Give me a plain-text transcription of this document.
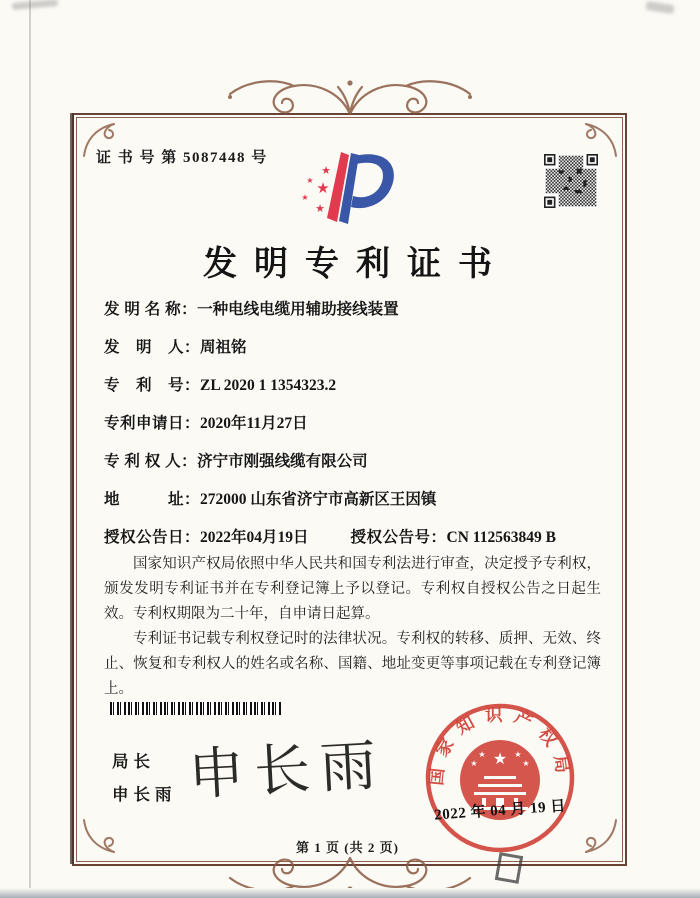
证 书 号 第 5087448 号
★
★
★
★
★
发明专利证书
发 明 名 称：一种电线电缆用辅助接线装置
发　明　人：周祖铭
专　利　号：ZL 2020 1 1354323.2
专利申请日：2020年11月27日
专 利 权 人：济宁市刚强线缆有限公司
地　　　址：272000 山东省济宁市高新区王因镇
授权公告日：2022年04月19日	授权公告号：CN 112563849 B

国家知识产权局依照中华人民共和国专利法进行审查，决定授予专利权，颁发发明专利证书并在专利登记簿上予以登记。专利权自授权公告之日起生效。专利权期限为二十年，自申请日起算。

专利证书记载专利权登记时的法律状况。专利权的转移、质押、无效、终止、恢复和专利权人的姓名或名称、国籍、地址变更等事项记载在专利登记簿上。

局长
申长雨 申长雨 国家知识产权局
★
★	★
★	★
2022 年 04 月 19 日
第 1 页 (共 2 页)
